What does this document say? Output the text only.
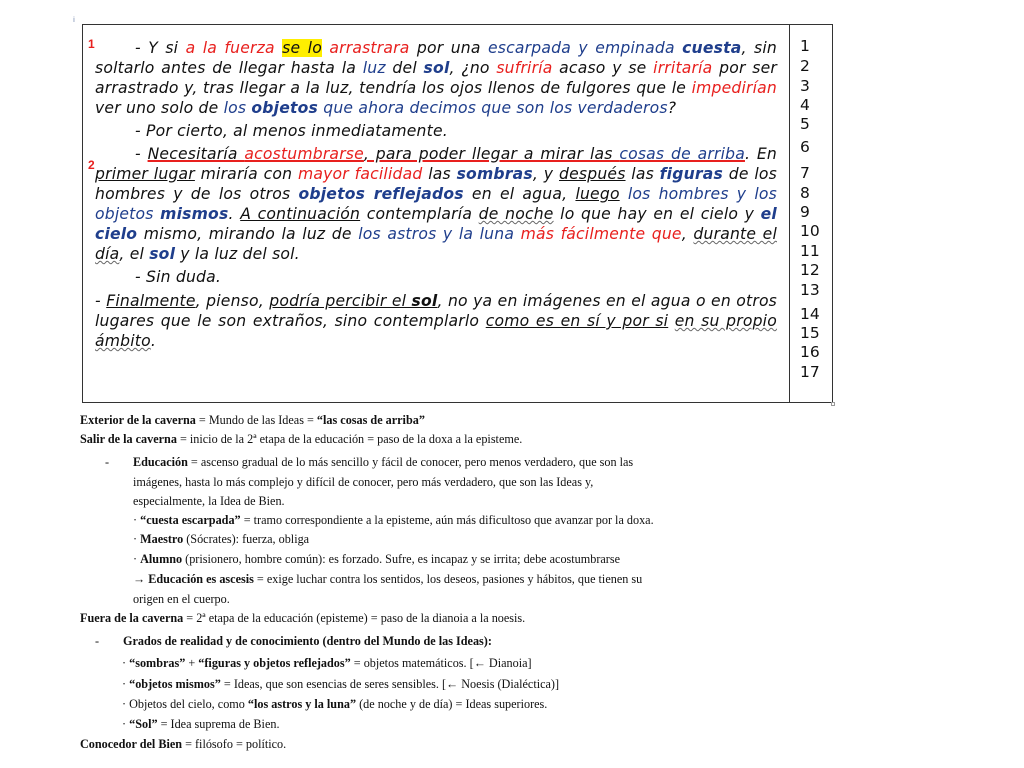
i
1
2

- Y si a la fuerza se lo arrastrara por una escarpada y empinada cuesta, sin soltarlo antes de llegar hasta la luz del sol, ¿no sufriría acaso y se irritaría por ser arrastrado y, tras llegar a la luz, tendría los ojos llenos de fulgores que le impedirían ver uno solo de los objetos que ahora decimos que son los verdaderos?

- Por cierto, al menos inmediatamente.

- Necesitaría acostumbrarse, para poder llegar a mirar las cosas de arriba. En primer lugar miraría con mayor facilidad las sombras, y después las figuras de los hombres y de los otros objetos reflejados en el agua, luego los hombres y los objetos mismos. A continuación contemplaría de noche lo que hay en el cielo y el cielo mismo, mirando la luz de los astros y la luna más fácilmente que, durante el día, el sol y la luz del sol.

- Sin duda.

- Finalmente, pienso, podría percibir el sol, no ya en imágenes en el agua o en otros lugares que le son extraños, sino contemplarlo como es en sí y por si en su propio ámbito.

1
2
3
4
5
6
7
8
9
10
11
12
13
14
15
16
17
Exterior de la caverna = Mundo de las Ideas = “las cosas de arriba”
Salir de la caverna = inicio de la 2ª etapa de la educación = paso de la doxa a la episteme.
- Educación = ascenso gradual de lo más sencillo y fácil de conocer, pero menos verdadero, que son las
imágenes, hasta lo más complejo y difícil de conocer, pero más verdadero, que son las Ideas y,
especialmente, la Idea de Bien.
· “cuesta escarpada” = tramo correspondiente a la episteme, aún más dificultoso que avanzar por la doxa.
· Maestro (Sócrates): fuerza, obliga
· Alumno (prisionero, hombre común): es forzado. Sufre, es incapaz y se irrita; debe acostumbrarse
→ Educación es ascesis = exige luchar contra los sentidos, los deseos, pasiones y hábitos, que tienen su
origen en el cuerpo.
Fuera de la caverna = 2ª etapa de la educación (episteme) = paso de la dianoia a la noesis.
- Grados de realidad y de conocimiento (dentro del Mundo de las Ideas):
· “sombras” + “figuras y objetos reflejados” = objetos matemáticos. [← Dianoia]
· “objetos mismos” = Ideas, que son esencias de seres sensibles. [← Noesis (Dialéctica)]
· Objetos del cielo, como “los astros y la luna” (de noche y de día) = Ideas superiores.
· “Sol” = Idea suprema de Bien.
Conocedor del Bien = filósofo = político.
